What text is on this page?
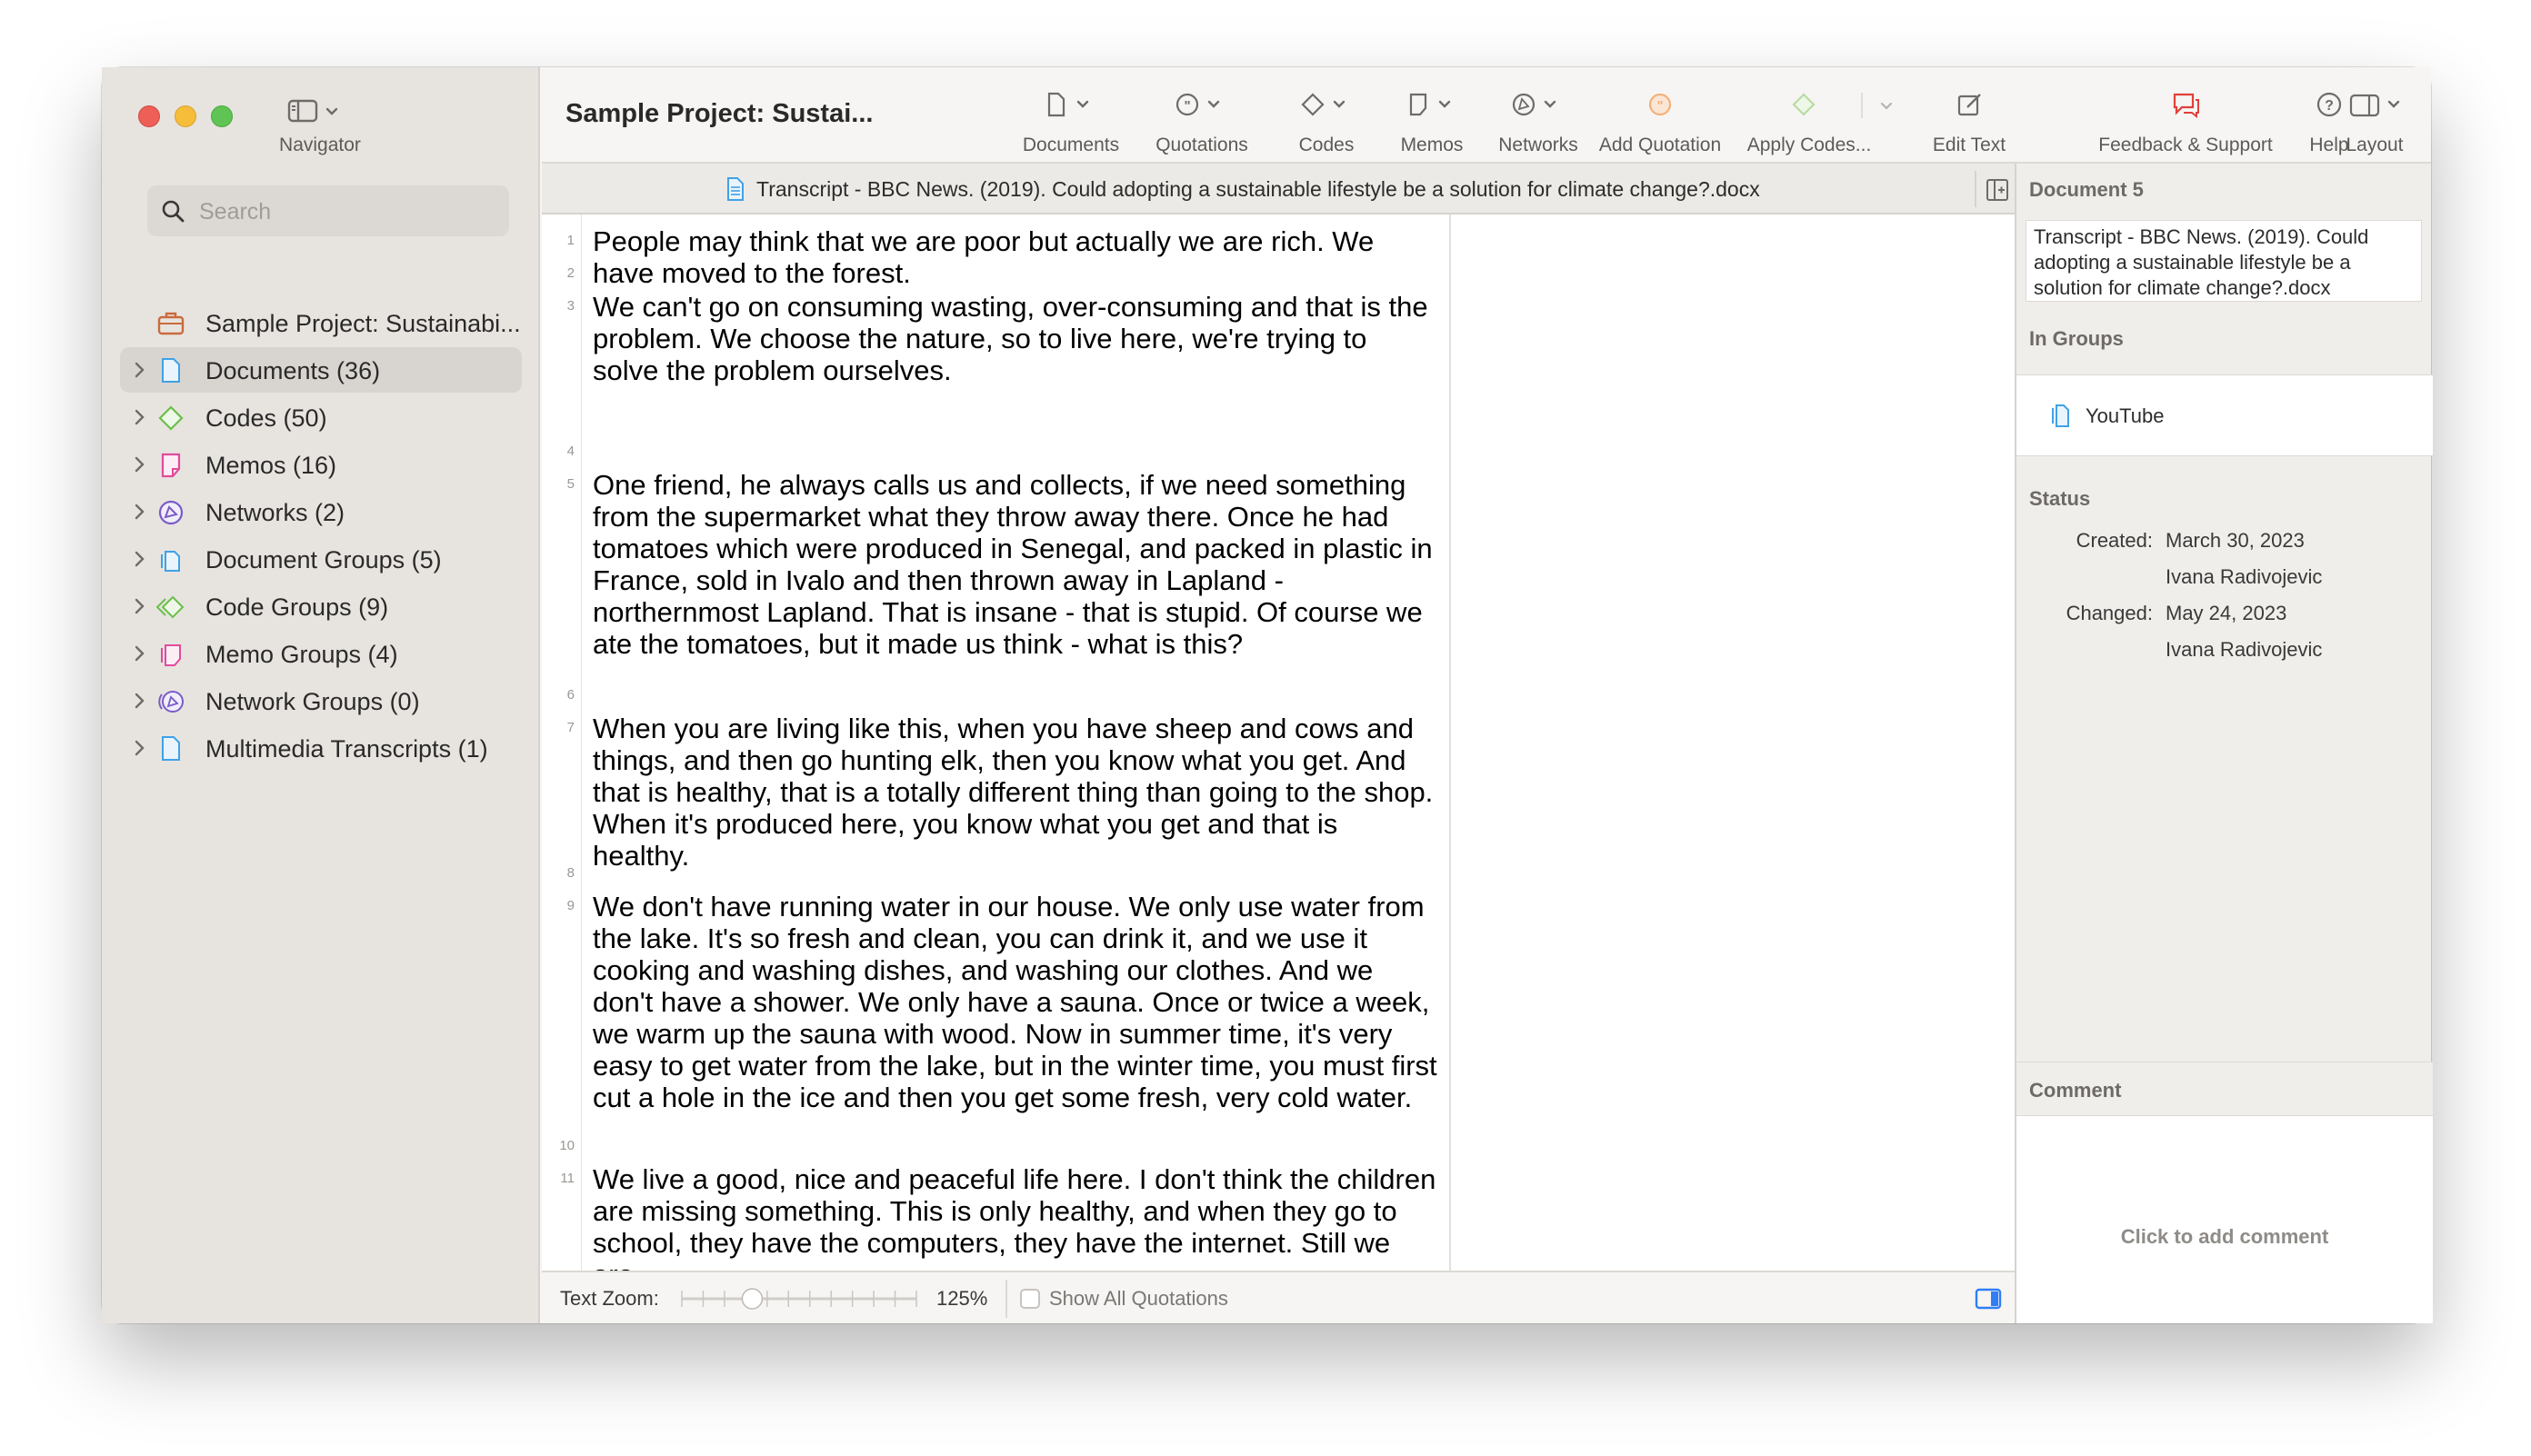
Navigator
Search
Sample Project: Sustainabi...
Documents (36)
Codes (50)
Memos (16)
Networks (2)
Document Groups (5)
Code Groups (9)
Memo Groups (4)
Network Groups (0)
Multimedia Transcripts (1)
Sample Project: Sustai...
Documents
"
Quotations	Codes	Memos	Networks
"
Add Quotation	Apply Codes...	Edit Text	Feedback & Support
?
Help
Layout
Transcript - BBC News. (2019). Could adopting a sustainable lifestyle be a solution for climate change?.docx
1
2
3
4
5
6
7
8
9
10
11
People may think that we are poor but actually we are rich. We have moved to the forest.
We can't go on consuming wasting, over-consuming and that is the problem. We choose the nature, so to live here, we're trying to solve the problem ourselves.
One friend, he always calls us and collects, if we need something from the supermarket what they throw away there. Once he had tomatoes which were produced in Senegal, and packed in plastic in France, sold in Ivalo and then thrown away in Lapland - northernmost Lapland. That is insane - that is stupid. Of course we ate the tomatoes, but it made us think - what is this?
When you are living like this, when you have sheep and cows and things, and then go hunting elk, then you know what you get. And that is healthy, that is a totally different thing than going to the shop. When it's produced here, you know what you get and that is healthy.
We don't have running water in our house. We only use water from the lake. It's so fresh and clean, you can drink it, and we use it cooking and washing dishes, and washing our clothes. And we don't have a shower. We only have a sauna. Once or twice a week, we warm up the sauna with wood. Now in summer time, it's very easy to get water from the lake, but in the winter time, you must first cut a hole in the ice and then you get some fresh, very cold water.
We live a good, nice and peaceful life here. I don't think the children are missing something. This is only healthy, and when they go to school, they have the computers, they have the internet. Still we
Text Zoom:	125%	Show All Quotations
Document 5
Transcript - BBC News. (2019). Could adopting a sustainable lifestyle be a solution for climate change?.docx
In Groups
YouTube
Status
Created: March 30, 2023
Ivana Radivojevic
Changed: May 24, 2023
Ivana Radivojevic
Comment
Click to add comment
